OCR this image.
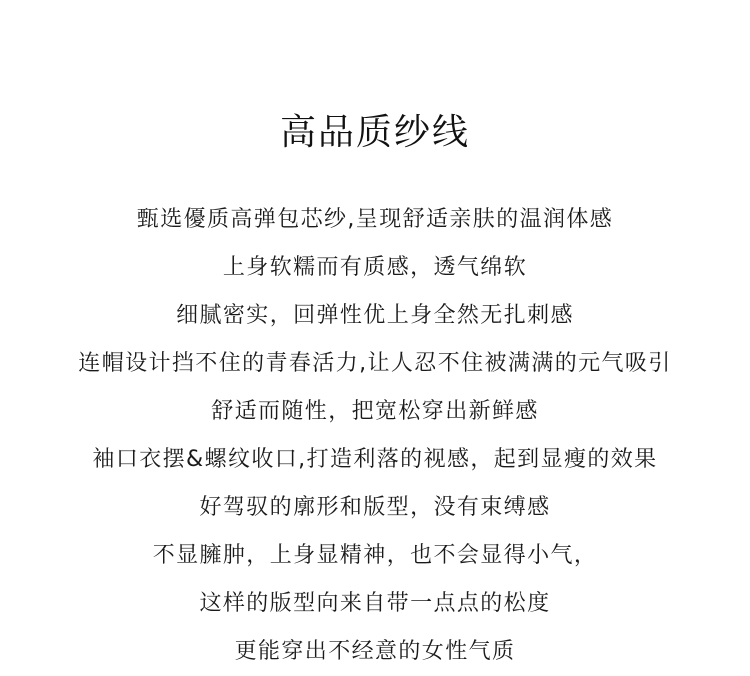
高品质纱线
甄选優质高弹包芯纱,呈现舒适亲肤的温润体感
上身软糯而有质感，透气绵软
细腻密实，回弹性优上身全然无扎刺感
连帽设计挡不住的青春活力,让人忍不住被满满的元气吸引
舒适而随性，把宽松穿出新鲜感
袖口衣摆&螺纹收口,打造利落的视感，起到显瘦的效果
好驾驭的廓形和版型，没有束缚感
不显臃肿，上身显精神，也不会显得小气，
这样的版型向来自带一点点的松度
更能穿出不经意的女性气质
